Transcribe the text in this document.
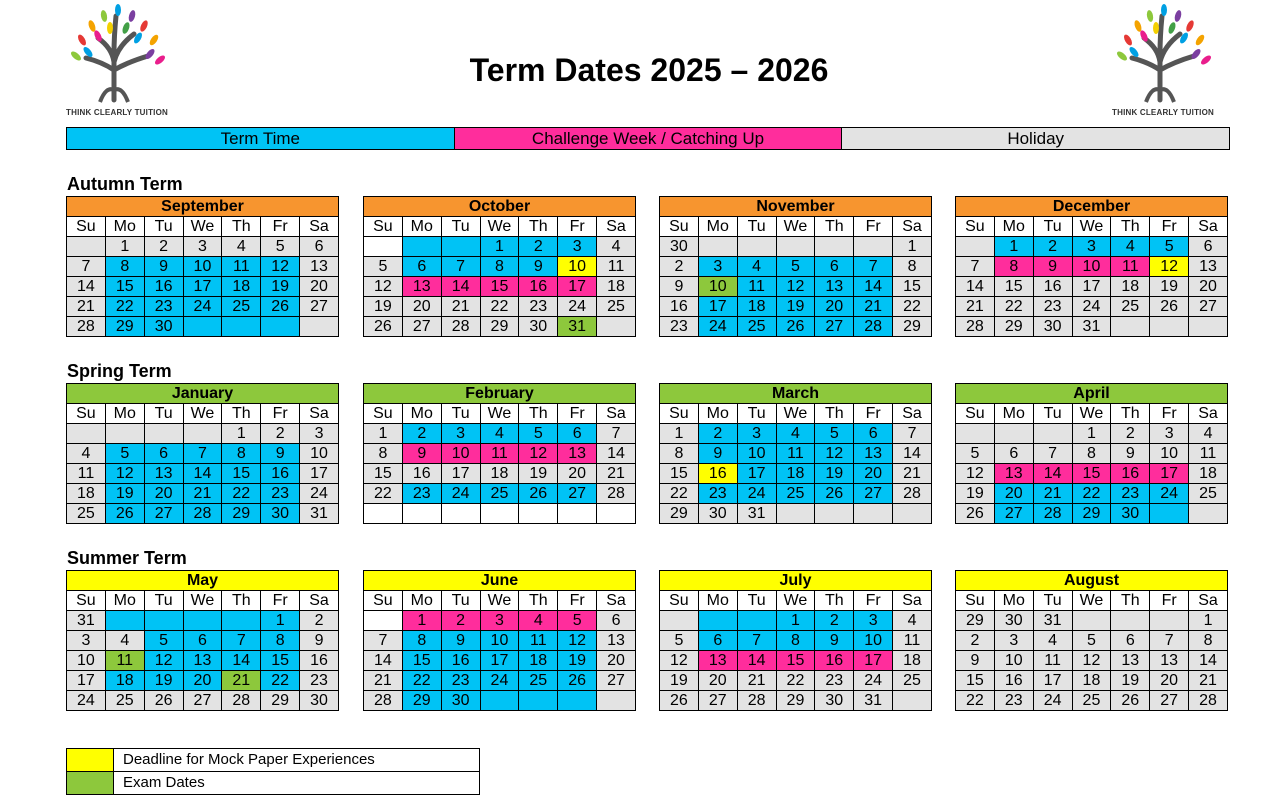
THINK CLEARLY TUITION	THINK CLEARLY TUITION
Term Dates 2025 – 2026
Term Time	Challenge Week / Catching Up	Holiday
Autumn Term
September						
Su	Mo	Tu	We	Th	Fr	Sa
	1	2	3	4	5	6
7	8	9	10	11	12	13
14	15	16	17	18	19	20
21	22	23	24	25	26	27
28	29	30				
October						
Su	Mo	Tu	We	Th	Fr	Sa
			1	2	3	4
5	6	7	8	9	10	11
12	13	14	15	16	17	18
19	20	21	22	23	24	25
26	27	28	29	30	31	
November						
Su	Mo	Tu	We	Th	Fr	Sa
30						1
2	3	4	5	6	7	8
9	10	11	12	13	14	15
16	17	18	19	20	21	22
23	24	25	26	27	28	29
December						
Su	Mo	Tu	We	Th	Fr	Sa
	1	2	3	4	5	6
7	8	9	10	11	12	13
14	15	16	17	18	19	20
21	22	23	24	25	26	27
28	29	30	31			
Spring Term
January						
Su	Mo	Tu	We	Th	Fr	Sa
				1	2	3
4	5	6	7	8	9	10
11	12	13	14	15	16	17
18	19	20	21	22	23	24
25	26	27	28	29	30	31
February						
Su	Mo	Tu	We	Th	Fr	Sa
1	2	3	4	5	6	7
8	9	10	11	12	13	14
15	16	17	18	19	20	21
22	23	24	25	26	27	28

March						
Su	Mo	Tu	We	Th	Fr	Sa
1	2	3	4	5	6	7
8	9	10	11	12	13	14
15	16	17	18	19	20	21
22	23	24	25	26	27	28
29	30	31				
April						
Su	Mo	Tu	We	Th	Fr	Sa
			1	2	3	4
5	6	7	8	9	10	11
12	13	14	15	16	17	18
19	20	21	22	23	24	25
26	27	28	29	30		
Summer Term
May						
Su	Mo	Tu	We	Th	Fr	Sa
31					1	2
3	4	5	6	7	8	9
10	11	12	13	14	15	16
17	18	19	20	21	22	23
24	25	26	27	28	29	30
June						
Su	Mo	Tu	We	Th	Fr	Sa
	1	2	3	4	5	6
7	8	9	10	11	12	13
14	15	16	17	18	19	20
21	22	23	24	25	26	27
28	29	30				
July						
Su	Mo	Tu	We	Th	Fr	Sa
			1	2	3	4
5	6	7	8	9	10	11
12	13	14	15	16	17	18
19	20	21	22	23	24	25
26	27	28	29	30	31	
August						
Su	Mo	Tu	We	Th	Fr	Sa
29	30	31				1
2	3	4	5	6	7	8
9	10	11	12	13	13	14
15	16	17	18	19	20	21
22	23	24	25	26	27	28
	Deadline for Mock Paper Experiences
	Exam Dates
